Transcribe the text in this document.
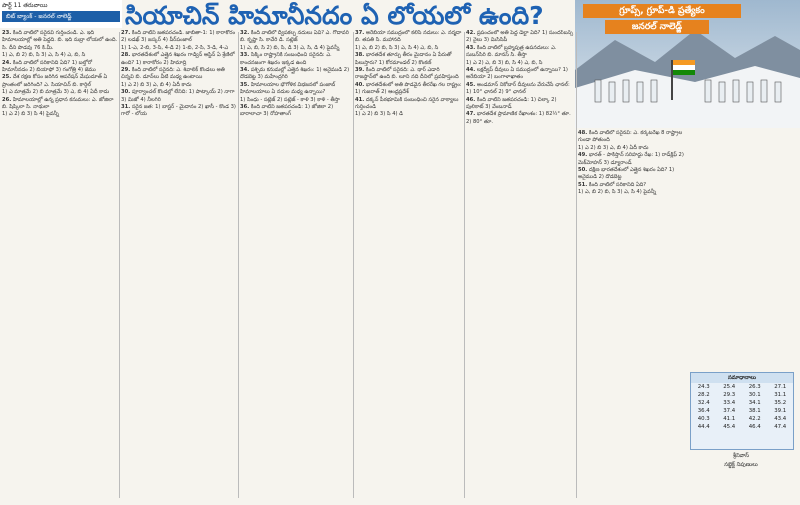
పార్ట్ 11 తరువాయి
బిట్ బ్యాంక్ - జనరల్ నాలెడ్జ్	సియాచిన్ హిమానీనదం ఏ లోయలో ఉంది?	గ్రూప్స్, గ్రూప్-డి ప్రత్యేకం
జనరల్ నాలెడ్జ్

23. కింది వాటిలో సరైనవి గుర్తించండి. ఎ. ఇది హిమాలయాల్లో అతి పెద్దది. బి. ఇది నుబ్రా లోయలో ఉంది. సి. దీని పొడవు 76 కి.మీ.

1) ఎ, బి 2) బి, సి 3) ఎ, సి 4) ఎ, బి, సి

24. కింది వాటిలో సరికానిది ఏది? 1) బల్తోరో హిమానీనదం 2) బియాఫో 3) గంగోత్రి 4) జెము

25. దేశ రక్షణ కోసం జరిగిన ఆపరేషన్ మేఘదూత్ ఏ ప్రాంతంలో జరిగింది? ఎ. సియాచిన్ బి. కార్గిల్

1) ఎ మాత్రమే 2) బి మాత్రమే 3) ఎ, బి 4) ఏదీ కాదు

26. హిమాలయాల్లో ఉన్న ప్రధాన కనుమలు: ఎ. జోజిలా బి. షిప్కిలా సి. నాథులా

1) ఎ 2) బి 3) సి 4) పైవన్నీ

27. కింది వాటిని జతపరచండి. జాబితా-1: 1) కారాకోరం 2) లడఖ్ 3) జస్కర్ 4) పీర్‌పంజాల్

1) 1-ఎ, 2-బి, 3-సి, 4-డి 2) 1-బి, 2-సి, 3-డి, 4-ఎ

28. భారతదేశంలో ఎత్తైన శిఖరం గాడ్విన్ ఆస్టిన్ ఏ శ్రేణిలో ఉంది? 1) కారాకోరం 2) హిమాద్రి

29. కింది వాటిలో సరైనది: ఎ. శివాలిక్ కొండలు అతి చిన్నవి బి. డూన్‌లు వీటి మధ్య ఉంటాయి

1) ఎ 2) బి 3) ఎ, బి 4) ఏదీ కాదు

30. పూర్వాంచల్ కొండల్లో లేనిది: 1) పాట్కాయ్ 2) నాగా 3) మిజో 4) నీలగిరి

31. సరైన జత: 1) బాస్టర్ - మైదానం 2) ఖాసీ - కొండ 3) గారో - లోయ

32. కింది వాటిలో ద్వీపకల్ప నదులు ఏవి? ఎ. గోదావరి బి. కృష్ణా సి. కావేరి డి. సట్లెజ్

1) ఎ, బి, సి 2) బి, సి, డి 3) ఎ, సి, డి 4) పైవన్నీ

33. సిక్కిం రాష్ట్రానికి సంబంధించి సరైనది: ఎ. కాంచనజంగా శిఖరం ఇక్కడ ఉంది

34. పశ్చిమ కనుమల్లో ఎత్తైన శిఖరం: 1) అనైముడి 2) దొడబెట్ట 3) మహేంద్రగిరి

35. హిమాలయాల భౌగోళిక విభజనలో పంజాబ్ హిమాలయాలు ఏ నదుల మధ్య ఉన్నాయి?

1) సింధు - సట్లెజ్ 2) సట్లెజ్ - కాళి 3) కాళి - తీస్తా

36. కింది వాటిని జతపరచండి: 1) జోజిలా 2) బారాలాచా 3) రోహతాంగ్

37. అరేబియా సముద్రంలో కలిసే నదులు: ఎ. నర్మదా బి. తపతి సి. మహానది

1) ఎ, బి 2) బి, సి 3) ఎ, సి 4) ఎ, బి, సి

38. భారతదేశ తూర్పు తీరం మైదానం ఏ పేరుతో పిలుస్తారు? 1) కోరమాండల్ 2) కొంకణ్

39. కింది వాటిలో సరైనది: ఎ. థార్ ఎడారి రాజస్థాన్‌లో ఉంది బి. లూని నది దీనిలో ప్రవహిస్తుంది

40. భారతదేశంలో అతి పొడవైన తీరరేఖ గల రాష్ట్రం: 1) గుజరాత్ 2) ఆంధ్రప్రదేశ్

41. దక్కన్ పీఠభూమికి సంబంధించి సరైన వాక్యాలు గుర్తించండి

1) ఎ 2) బి 3) సి 4) డి

42. ప్రపంచంలో అతి పెద్ద డెల్టా ఏది? 1) సుందర్‌బన్స్ 2) నైలు 3) మిసిసిపీ

43. కింది వాటిలో బ్రహ్మపుత్ర ఉపనదులు: ఎ. సుబన్‌సిరి బి. మానస్ సి. తీస్తా

1) ఎ 2) ఎ, బి 3) బి, సి 4) ఎ, బి, సి

44. లక్షద్వీప్ దీవులు ఏ సముద్రంలో ఉన్నాయి? 1) అరేబియా 2) బంగాళాఖాతం

45. అండమాన్ నికోబార్ దీవులను వేరుచేసే ఛానల్: 1) 10° ఛానల్ 2) 9° ఛానల్

46. కింది వాటిని జతపరచండి: 1) చిల్కా 2) పులికాట్ 3) వేంబనాడ్

47. భారతదేశ ప్రామాణిక రేఖాంశం: 1) 82½° తూ. 2) 80° తూ.

48. కింది వాటిలో సరైనవి: ఎ. కర్కటరేఖ 8 రాష్ట్రాల గుండా పోతుంది

1) ఎ 2) బి 3) ఎ, బి 4) ఏదీ కాదు

49. భారత్ - పాకిస్తాన్ సరిహద్దు రేఖ: 1) రాడ్‌క్లిఫ్ 2) మెక్‌మోహన్ 3) డ్యూరాండ్

50. దక్షిణ భారతదేశంలో ఎత్తైన శిఖరం ఏది? 1) అనైముడి 2) దొడబెట్ట

51. కింది వాటిలో సరికానిది ఏది?

1) ఎ, బి 2) బి, సి 3) ఎ, సి 4) పైవన్నీ

సమాధానాలు
24.3	25.4	26.3	27.1
28.2	29.3	30.1	31.1
32.4	33.4	34.1	35.2
36.4	37.4	38.1	39.1
40.3	41.1	42.2	43.4
44.4	45.4	46.4	47.4
శ్రీనివాస్
సబ్జెక్ట్ నిపుణులు
